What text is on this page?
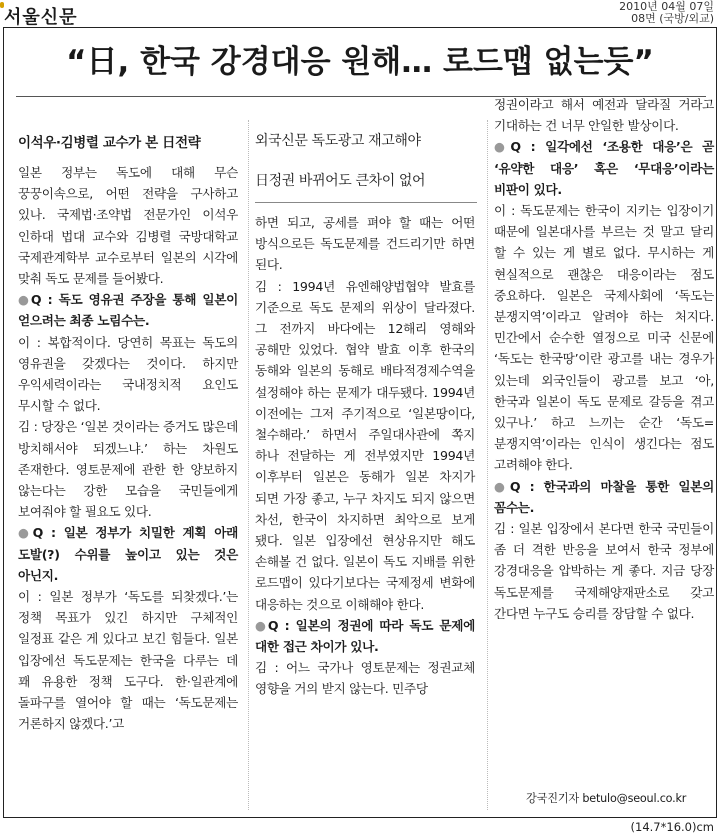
서울신문
2010년 04월 07일
08면 (국방/외교)
“日, 한국 강경대응 원해… 로드맵 없는듯”
이석우·김병렬 교수가 본 日전략	외국신문 독도광고 재고해야
日정권 바뀌어도 큰차이 없어

일본 정부는 독도에 대해 무슨 꿍꿍이속으로, 어떤 전략을 구사하고 있나. 국제법·조약법 전문가인 이석우 인하대 법대 교수와 김병렬 국방대학교 국제관계학부 교수로부터 일본의 시각에 맞춰 독도 문제를 들어봤다.

●Q : 독도 영유권 주장을 통해 일본이 얻으려는 최종 노림수는.

이 : 복합적이다. 당연히 목표는 독도의 영유권을 갖겠다는 것이다. 하지만 우익세력이라는 국내정치적 요인도 무시할 수 없다.

김 : 당장은 ‘일본 것이라는 증거도 많은데 방치해서야 되겠느냐.’ 하는 차원도 존재한다. 영토문제에 관한 한 양보하지 않는다는 강한 모습을 국민들에게 보여줘야 할 필요도 있다.

●Q : 일본 정부가 치밀한 계획 아래 도발(?) 수위를 높이고 있는 것은 아닌지.

이 : 일본 정부가 ‘독도를 되찾겠다.’는 정책 목표가 있긴 하지만 구체적인 일정표 같은 게 있다고 보긴 힘들다. 일본 입장에선 독도문제는 한국을 다루는 데 꽤 유용한 정책 도구다. 한·일관계에 돌파구를 열어야 할 때는 ‘독도문제는 거론하지 않겠다.’고

하면 되고, 공세를 펴야 할 때는 어떤 방식으로든 독도문제를 건드리기만 하면 된다.

김 : 1994년 유엔해양법협약 발효를 기준으로 독도 문제의 위상이 달라졌다. 그 전까지 바다에는 12해리 영해와 공해만 있었다. 협약 발효 이후 한국의 동해와 일본의 동해로 배타적경제수역을 설정해야 하는 문제가 대두됐다. 1994년 이전에는 그저 주기적으로 ‘일본땅이다, 철수해라.’ 하면서 주일대사관에 쪽지 하나 전달하는 게 전부였지만 1994년 이후부터 일본은 동해가 일본 차지가 되면 가장 좋고, 누구 차지도 되지 않으면 차선, 한국이 차지하면 최악으로 보게 됐다. 일본 입장에선 현상유지만 해도 손해볼 건 없다. 일본이 독도 지배를 위한 로드맵이 있다기보다는 국제정세 변화에 대응하는 것으로 이해해야 한다.

●Q : 일본의 정권에 따라 독도 문제에 대한 접근 차이가 있나.

김 : 어느 국가나 영토문제는 정권교체 영향을 거의 받지 않는다. 민주당

정권이라고 해서 예전과 달라질 거라고 기대하는 건 너무 안일한 발상이다.

●Q : 일각에선 ‘조용한 대응’은 곧 ‘유약한 대응’ 혹은 ‘무대응’이라는 비판이 있다.

이 : 독도문제는 한국이 지키는 입장이기 때문에 일본대사를 부르는 것 말고 달리 할 수 있는 게 별로 없다. 무시하는 게 현실적으로 괜찮은 대응이라는 점도 중요하다. 일본은 국제사회에 ‘독도는 분쟁지역’이라고 알려야 하는 처지다. 민간에서 순수한 열정으로 미국 신문에 ‘독도는 한국땅’이란 광고를 내는 경우가 있는데 외국인들이 광고를 보고 ‘아, 한국과 일본이 독도 문제로 갈등을 겪고 있구나.’ 하고 느끼는 순간 ‘독도=분쟁지역’이라는 인식이 생긴다는 점도 고려해야 한다.

●Q : 한국과의 마찰을 통한 일본의 꼼수는.

김 : 일본 입장에서 본다면 한국 국민들이 좀 더 격한 반응을 보여서 한국 정부에 강경대응을 압박하는 게 좋다. 지금 당장 독도문제를 국제해양재판소로 갖고 간다면 누구도 승리를 장담할 수 없다.

강국진기자 betulo@seoul.co.kr
(14.7*16.0)cm
